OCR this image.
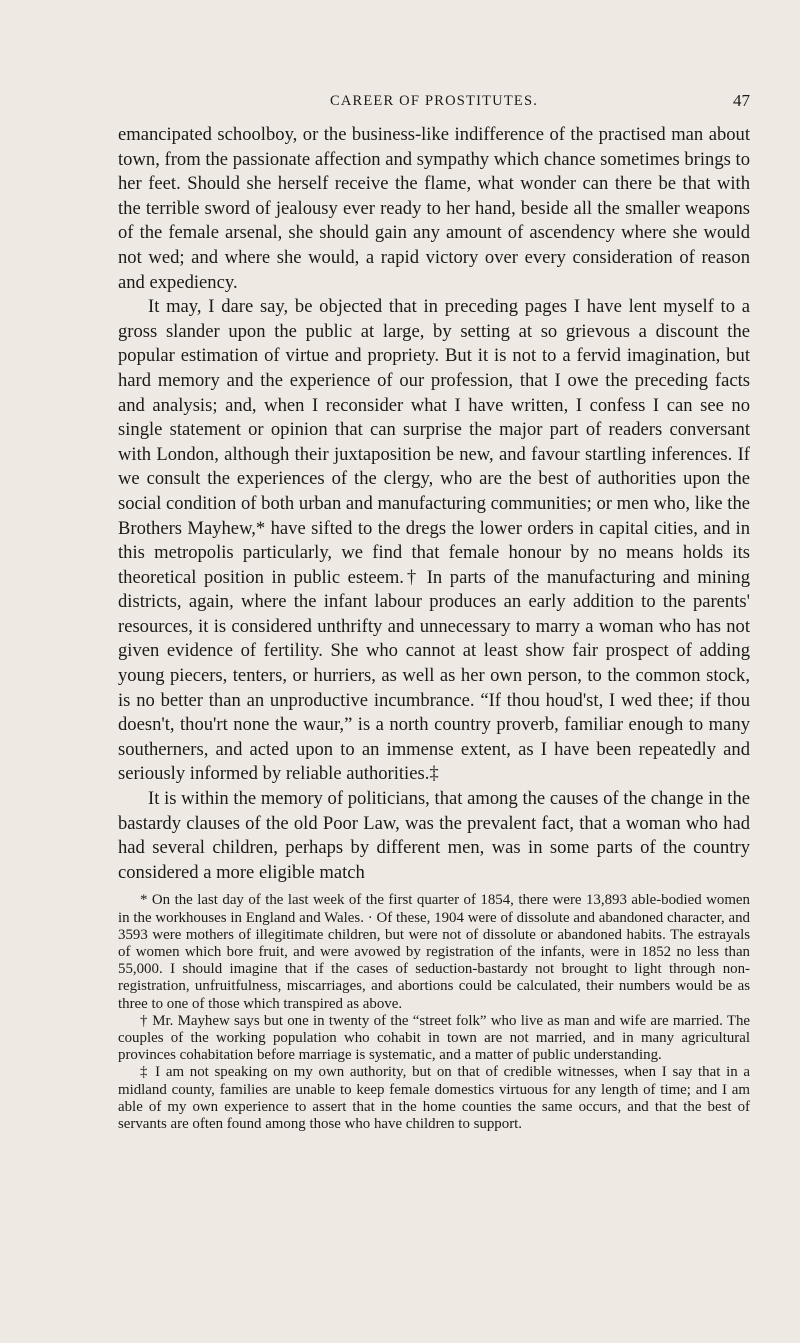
CAREER OF PROSTITUTES.	47

emancipated schoolboy, or the business-like indifference of the practised man about town, from the passionate affection and sympathy which chance sometimes brings to her feet. Should she herself receive the flame, what wonder can there be that with the terrible sword of jealousy ever ready to her hand, beside all the smaller weapons of the female arsenal, she should gain any amount of ascendency where she would not wed; and where she would, a rapid victory over every consideration of reason and expediency.

It may, I dare say, be objected that in preceding pages I have lent myself to a gross slander upon the public at large, by setting at so grievous a discount the popular estimation of virtue and propriety. But it is not to a fervid imagination, but hard memory and the experience of our profession, that I owe the preceding facts and analysis; and, when I reconsider what I have written, I confess I can see no single statement or opinion that can surprise the major part of readers conversant with London, although their juxtaposition be new, and favour startling inferences. If we consult the experiences of the clergy, who are the best of authorities upon the social condition of both urban and manufacturing communities; or men who, like the Brothers Mayhew,* have sifted to the dregs the lower orders in capital cities, and in this metropolis particularly, we find that female honour by no means holds its theoretical position in public esteem.† In parts of the manufacturing and mining districts, again, where the infant labour produces an early addition to the parents' resources, it is considered unthrifty and unnecessary to marry a woman who has not given evidence of fertility. She who cannot at least show fair prospect of adding young piecers, tenters, or hurriers, as well as her own person, to the common stock, is no better than an unproductive incumbrance. “If thou houd'st, I wed thee; if thou doesn't, thou'rt none the waur,” is a north country proverb, familiar enough to many southerners, and acted upon to an immense extent, as I have been repeatedly and seriously informed by reliable authorities.‡

It is within the memory of politicians, that among the causes of the change in the bastardy clauses of the old Poor Law, was the prevalent fact, that a woman who had had several children, perhaps by different men, was in some parts of the country considered a more eligible match

* On the last day of the last week of the first quarter of 1854, there were 13,893 able-bodied women in the workhouses in England and Wales. · Of these, 1904 were of dissolute and abandoned character, and 3593 were mothers of illegitimate children, but were not of dissolute or abandoned habits. The estrayals of women which bore fruit, and were avowed by registration of the infants, were in 1852 no less than 55,000. I should imagine that if the cases of seduction-bastardy not brought to light through non-registration, unfruitfulness, miscarriages, and abortions could be calculated, their numbers would be as three to one of those which transpired as above.

† Mr. Mayhew says but one in twenty of the “street folk” who live as man and wife are married. The couples of the working population who cohabit in town are not married, and in many agricultural provinces cohabitation before marriage is systematic, and a matter of public understanding.

‡ I am not speaking on my own authority, but on that of credible witnesses, when I say that in a midland county, families are unable to keep female domestics virtuous for any length of time; and I am able of my own experience to assert that in the home counties the same occurs, and that the best of servants are often found among those who have children to support.
